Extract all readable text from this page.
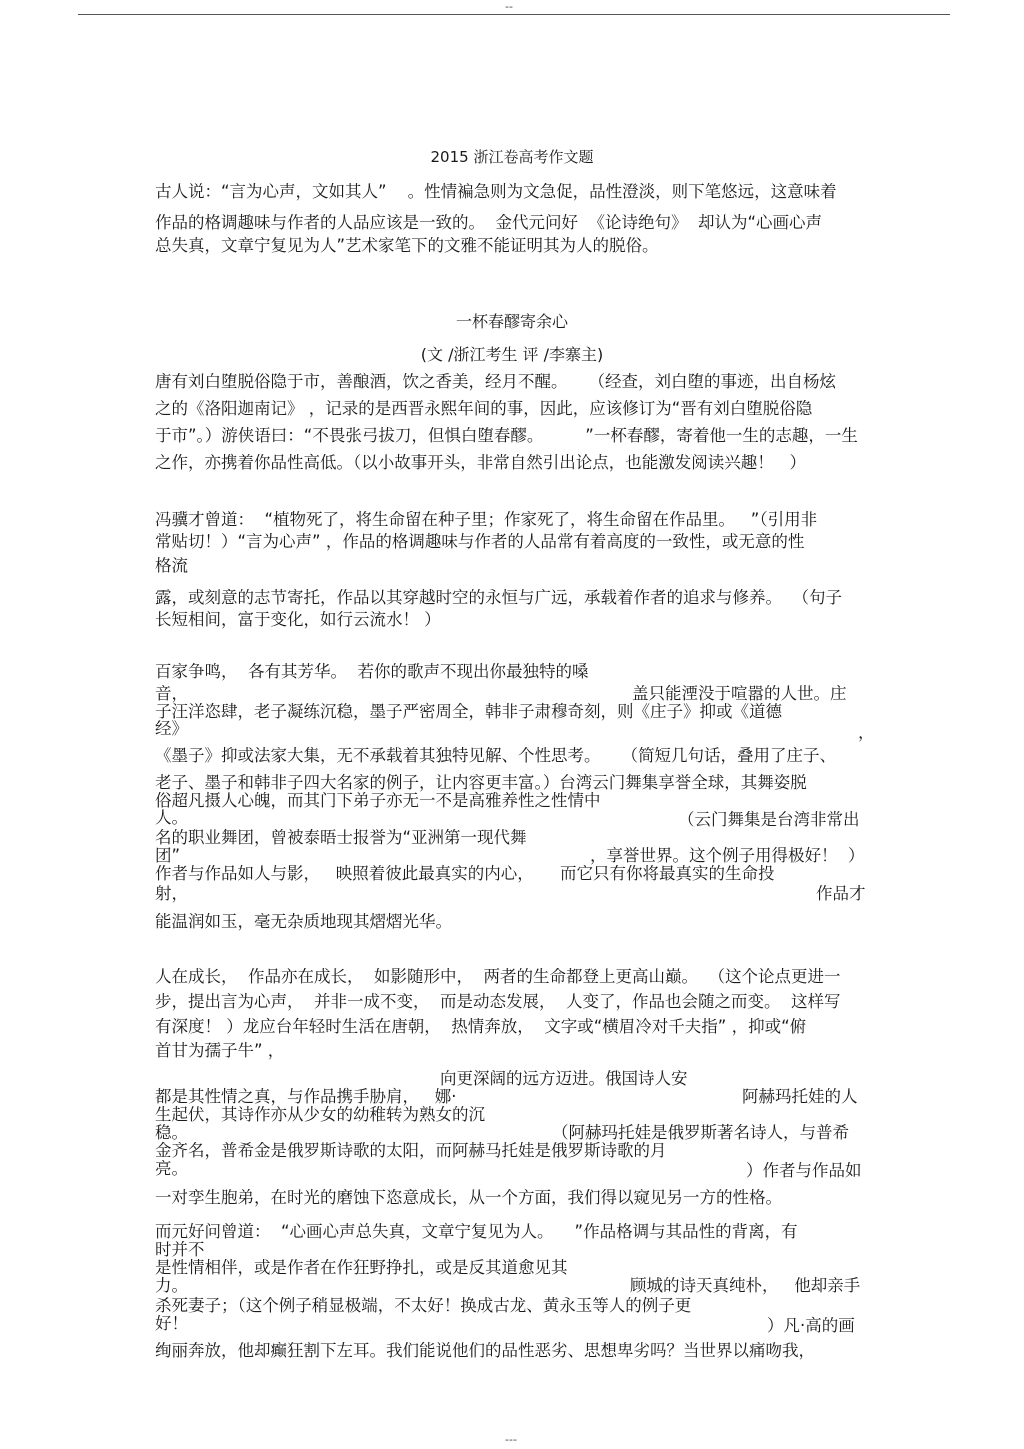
--
2015 浙江卷高考作文题
古人说：“言为心声，文如其人”    。性情褊急则为文急促，品性澄淡，则下笔悠远，这意味着
作品的格调趣味与作者的人品应该是一致的。  金代元问好  《论诗绝句》  却认为“心画心声
总失真，文章宁复见为人”艺术家笔下的文雅不能证明其为人的脱俗。
一杯春醪寄余心
(文 /浙江考生 评 /李寨主)
唐有刘白堕脱俗隐于市，善酿酒，饮之香美，经月不醒。    （经查，刘白堕的事迹，出自杨炫
之的《洛阳迦南记》 ，记录的是西晋永熙年间的事，因此，应该修订为“晋有刘白堕脱俗隐
于市”。）游侠语曰：“不畏张弓拔刀，但惧白堕春醪。        ”一杯春醪，寄着他一生的志趣，一生
之作，亦携着你品性高低。（以小故事开头，非常自然引出论点，也能激发阅读兴趣！   ）
冯骥才曾道：  “植物死了，将生命留在种子里；作家死了，将生命留在作品里。   ”（引用非
常贴切！）“言为心声” ，作品的格调趣味与作者的人品常有着高度的一致性，或无意的性
格流
露，或刻意的志节寄托，作品以其穿越时空的永恒与广远，承载着作者的追求与修养。  （句子
长短相间，富于变化，如行云流水！ ）
百家争鸣，  各有其芳华。  若你的歌声不现出你最独特的嗓
音，	盖只能湮没于喧嚣的人世。庄
子汪洋恣肆，老子凝练沉稳，墨子严密周全，韩非子肃穆奇刻，则《庄子》抑或《道德
经》	，
《墨子》抑或法家大集，无不承载着其独特见解、个性思考。    （简短几句话，叠用了庄子、
老子、墨子和韩非子四大名家的例子，让内容更丰富。）台湾云门舞集享誉全球，其舞姿脱
俗超凡摄人心魄，而其门下弟子亦无一不是高雅养性之性情中
人。	（云门舞集是台湾非常出
名的职业舞团，曾被泰晤士报誉为“亚洲第一现代舞
团”	，享誉世界。这个例子用得极好！  ）
作者与作品如人与影，   映照着彼此最真实的内心，     而它只有你将最真实的生命投
射，	作品才
能温润如玉，毫无杂质地现其熠熠光华。
人在成长，  作品亦在成长，  如影随形中，  两者的生命都登上更高山巅。  （这个论点更进一
步，提出言为心声，  并非一成不变，  而是动态发展，  人变了，作品也会随之而变。  这样写
有深度！ ）龙应台年轻时生活在唐朝，  热情奔放，  文字或“横眉冷对千夫指” ，抑或“俯
首甘为孺子牛” ，
向更深阔的远方迈进。俄国诗人安
都是其性情之真，与作品携手胁肩，   娜·	阿赫玛托娃的人
生起伏，其诗作亦从少女的幼稚转为熟女的沉
稳。	（阿赫玛托娃是俄罗斯著名诗人，与普希
金齐名，普希金是俄罗斯诗歌的太阳，而阿赫马托娃是俄罗斯诗歌的月
亮。	）作者与作品如
一对孪生胞弟，在时光的磨蚀下恣意成长，从一个方面，我们得以窥见另一方的性格。
而元好问曾道：  “心画心声总失真，文章宁复见为人。    ”作品格调与其品性的背离，有
时并不
是性情相伴，或是作者在作狂野挣扎，或是反其道愈见其
力。	顾城的诗天真纯朴，   他却亲手
杀死妻子；（这个例子稍显极端，不太好！换成古龙、黄永玉等人的例子更
好！	）凡·高的画
绚丽奔放，他却癫狂割下左耳。我们能说他们的品性恶劣、思想卑劣吗？当世界以痛吻我，
---
